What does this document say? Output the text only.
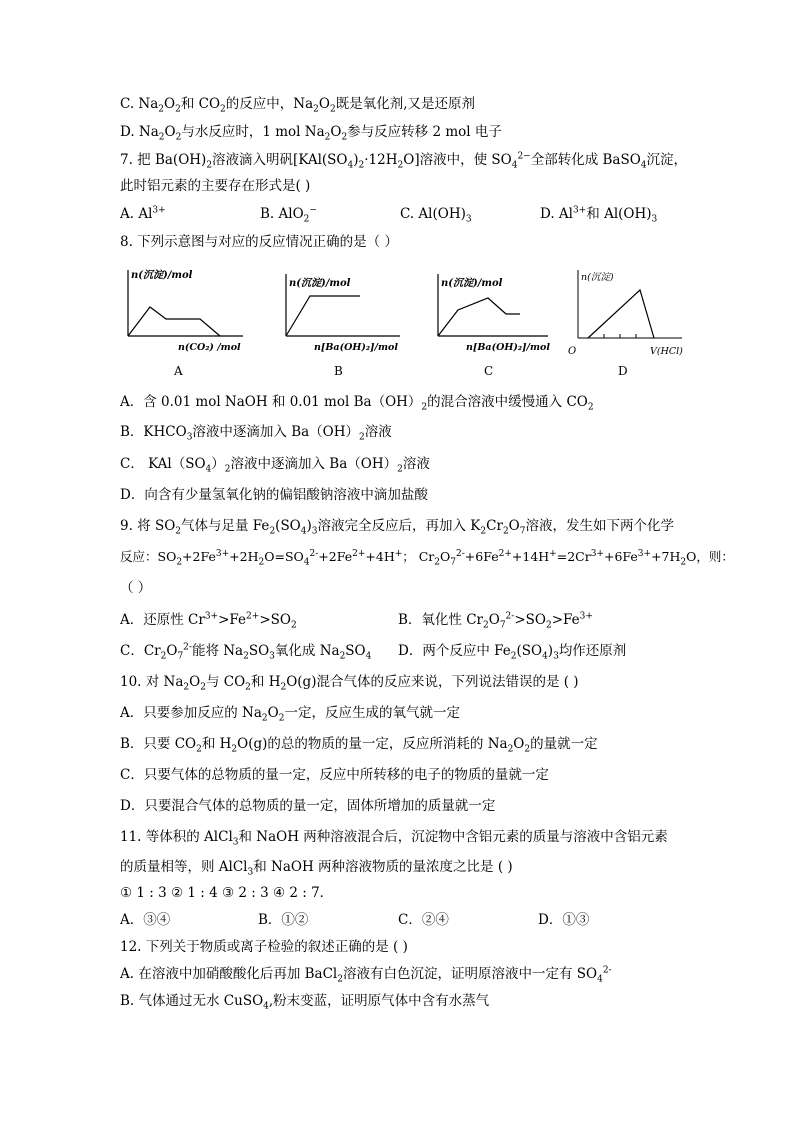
C. $Na_2O_2$和 $CO_2$的反应中，$Na_2O_2$既是氧化剂,又是还原剂
D. $Na_2O_2$与水反应时，1 mol $Na_2O_2$参与反应转移 2 mol 电子
7. 把 $Ba(OH)_2$溶液滴入明矾$[KAl(SO_4)_2\cdot 12H_2O]$溶液中，使 $SO_4^{2-}$全部转化成 BaSO$_4$沉淀，
此时铝元素的主要存在形式是( )
A. $Al^{3+}$	B. AlO$_2$−	C. $Al(OH)_3$	D. $Al^{3+}$和 $Al(OH)_3$
8. 下列示意图与对应的反应情况正确的是（ ）
n(沉淀)/mol
n(CO₂) /mol
n(沉淀)/mol
n[Ba(OH)₂]/mol
n(沉淀)/mol
n[Ba(OH)₂]/mol
n(沉淀)
O	V(HCl)
A	B	C	D
A．含 0.01 mol NaOH 和 0.01 mol $Ba(OH)_2$的混合溶液中缓慢通入 $CO_2$
B．$KHCO_3$溶液中逐滴加入 $Ba(OH)_2$溶液
C． $KAl(SO_4)_2$溶液中逐滴加入 $Ba(OH)_2$溶液
D．向含有少量氢氧化钠的偏铝酸钠溶液中滴加盐酸
9. 将 $SO_2$气体与足量 $Fe_2(SO_4)_3$溶液完全反应后，再加入 $K_2Cr_2O_7$溶液，发生如下两个化学
反应：$SO_2+2Fe^{3+}+2H_2O=SO_4^{2-}+2Fe^{2+}+4H^+$； $Cr_2O_7^{2-}+6Fe^{2+}+14H^+=2Cr^{3+}+6Fe^{3+}+7H_2O$，则：
（ ）
A．还原性 $Cr^{3+}>Fe^{2+}>SO_2$	B．氧化性 $Cr_2O_7^{2-}>SO_2>Fe^{3+}$
C．$Cr_2O_7^{2-}$能将 $Na_2SO_3$氧化成 $Na_2SO_4$ D．两个反应中 $Fe_2(SO_4)_3$均作还原剂
10. 对 $Na_2O_2$与 $CO_2$和 $H_2O(g)$混合气体的反应来说，下列说法错误的是 ( )
A．只要参加反应的 $Na_2O_2$一定，反应生成的氧气就一定
B．只要 $CO_2$和 $H_2O(g)$的总的物质的量一定，反应所消耗的 $Na_2O_2$的量就一定
C．只要气体的总物质的量一定，反应中所转移的电子的物质的量就一定
D．只要混合气体的总物质的量一定，固体所增加的质量就一定
11. 等体积的 AlCl$_3$和 NaOH 两种溶液混合后，沉淀物中含铝元素的质量与溶液中含铝元素
的质量相等，则 AlCl$_3$和 NaOH 两种溶液物质的量浓度之比是 ( )
① 1 : 3 ② 1 : 4 ③ 2 : 3 ④ 2 : 7．
A．③④	B．①②	C．②④	D．①③
12. 下列关于物质或离子检验的叙述正确的是 ( )
A. 在溶液中加硝酸酸化后再加 BaCl$_2$溶液有白色沉淀，证明原溶液中一定有 $SO_4^{2-}$
B. 气体通过无水 CuSO$_4$,粉末变蓝，证明原气体中含有水蒸气
